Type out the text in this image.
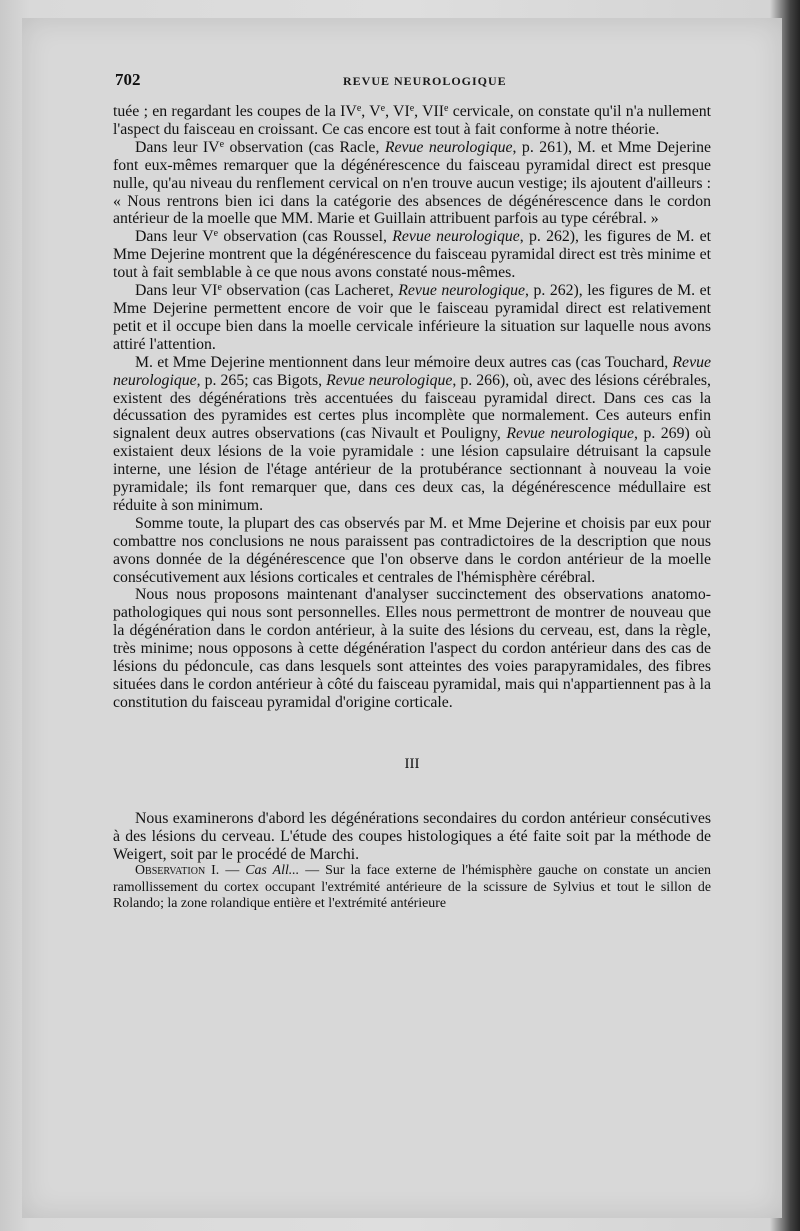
702	REVUE NEUROLOGIQUE

tuée ; en regardant les coupes de la IVe, Ve, VIe, VIIe cervicale, on constate qu'il n'a nullement l'aspect du faisceau en croissant. Ce cas encore est tout à fait conforme à notre théorie.

Dans leur IVe observation (cas Racle, Revue neurologique, p. 261), M. et Mme Dejerine font eux-mêmes remarquer que la dégénérescence du faisceau pyramidal direct est presque nulle, qu'au niveau du renflement cervical on n'en trouve aucun vestige; ils ajoutent d'ailleurs : « Nous rentrons bien ici dans la catégorie des absences de dégénérescence dans le cordon antérieur de la moelle que MM. Marie et Guillain attribuent parfois au type cérébral. »

Dans leur Ve observation (cas Roussel, Revue neurologique, p. 262), les figures de M. et Mme Dejerine montrent que la dégénérescence du faisceau pyramidal direct est très minime et tout à fait semblable à ce que nous avons constaté nous-mêmes.

Dans leur VIe observation (cas Lacheret, Revue neurologique, p. 262), les figures de M. et Mme Dejerine permettent encore de voir que le faisceau pyramidal direct est relativement petit et il occupe bien dans la moelle cervicale inférieure la situation sur laquelle nous avons attiré l'attention.

M. et Mme Dejerine mentionnent dans leur mémoire deux autres cas (cas Touchard, Revue neurologique, p. 265; cas Bigots, Revue neurologique, p. 266), où, avec des lésions cérébrales, existent des dégénérations très accentuées du faisceau pyramidal direct. Dans ces cas la décussation des pyramides est certes plus incomplète que normalement. Ces auteurs enfin signalent deux autres observations (cas Nivault et Pouligny, Revue neurologique, p. 269) où existaient deux lésions de la voie pyramidale : une lésion capsulaire détruisant la capsule interne, une lésion de l'étage antérieur de la protubérance sectionnant à nouveau la voie pyramidale; ils font remarquer que, dans ces deux cas, la dégénérescence médullaire est réduite à son minimum.

Somme toute, la plupart des cas observés par M. et Mme Dejerine et choisis par eux pour combattre nos conclusions ne nous paraissent pas contradictoires de la description que nous avons donnée de la dégénérescence que l'on observe dans le cordon antérieur de la moelle consécutivement aux lésions corticales et centrales de l'hémisphère cérébral.

Nous nous proposons maintenant d'analyser succinctement des observations anatomo-pathologiques qui nous sont personnelles. Elles nous permettront de montrer de nouveau que la dégénération dans le cordon antérieur, à la suite des lésions du cerveau, est, dans la règle, très minime; nous opposons à cette dégénération l'aspect du cordon antérieur dans des cas de lésions du pédoncule, cas dans lesquels sont atteintes des voies parapyramidales, des fibres situées dans le cordon antérieur à côté du faisceau pyramidal, mais qui n'appartiennent pas à la constitution du faisceau pyramidal d'origine corticale.

III

Nous examinerons d'abord les dégénérations secondaires du cordon antérieur consécutives à des lésions du cerveau. L'étude des coupes histologiques a été faite soit par la méthode de Weigert, soit par le procédé de Marchi.

Observation I. — Cas All... — Sur la face externe de l'hémisphère gauche on constate un ancien ramollissement du cortex occupant l'extrémité antérieure de la scissure de Sylvius et tout le sillon de Rolando; la zone rolandique entière et l'extrémité antérieure
